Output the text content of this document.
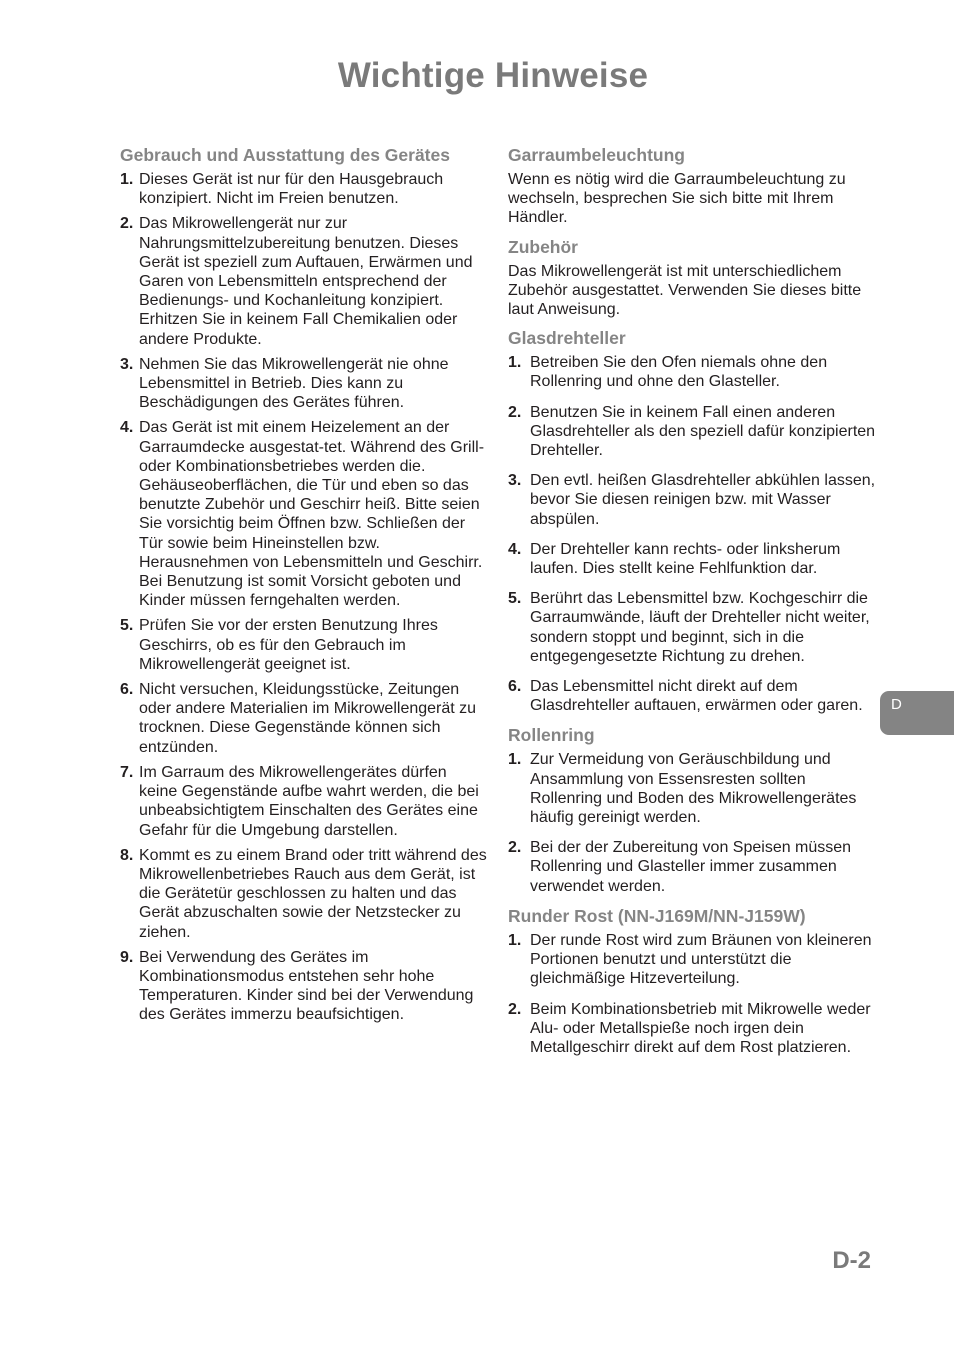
Wichtige Hinweise
Gebrauch und Ausstattung des Gerätes
1. Dieses Gerät ist nur für den Hausgebrauch konzipiert. Nicht im Freien benutzen.
2. Das Mikrowellengerät nur zur Nahrungsmittelzubereitung benutzen. Dieses Gerät ist speziell zum Auftauen, Erwärmen und Garen von Lebensmitteln entsprechend der Bedienungs- und Kochanleitung konzipiert. Erhitzen Sie in keinem Fall Chemikalien oder andere Produkte.
3. Nehmen Sie das Mikrowellengerät nie ohne Lebensmittel in Betrieb. Dies kann zu Beschädigungen des Gerätes führen.
4. Das Gerät ist mit einem Heizelement an der Garraumdecke ausgestat-tet. Während des Grill- oder Kombinationsbetriebes werden die. Gehäuseoberflächen, die Tür und eben so das benutzte Zubehör und Geschirr heiß. Bitte seien Sie vorsichtig beim Öffnen bzw. Schließen der Tür sowie beim Hineinstellen bzw. Herausnehmen von Lebensmitteln und Geschirr. Bei Benutzung ist somit Vorsicht geboten und Kinder müssen ferngehalten werden.
5. Prüfen Sie vor der ersten Benutzung Ihres Geschirrs, ob es für den Gebrauch im Mikrowellengerät geeignet ist.
6. Nicht versuchen, Kleidungsstücke, Zeitungen oder andere Materialien im Mikrowellengerät zu trocknen. Diese Gegenstände können sich entzünden.
7. Im Garraum des Mikrowellengerätes dürfen keine Gegenstände aufbe wahrt werden, die bei unbeabsichtigtem Einschalten des Gerätes eine Gefahr für die Umgebung darstellen.
8. Kommt es zu einem Brand oder tritt während des Mikrowellenbetriebes Rauch aus dem Gerät, ist die Gerätetür geschlossen zu halten und das Gerät abzuschalten sowie der Netzstecker zu ziehen.
9. Bei Verwendung des Gerätes im Kombinationsmodus entstehen sehr hohe Temperaturen. Kinder sind bei der Verwendung des Gerätes immerzu beaufsichtigen.
Garraumbeleuchtung

Wenn es nötig wird die Garraumbeleuchtung zu wechseln, besprechen Sie sich bitte mit Ihrem Händler.

Zubehör

Das Mikrowellengerät ist mit unterschiedlichem Zubehör ausgestattet. Verwenden Sie dieses bitte laut Anweisung.

Glasdrehteller
1. Betreiben Sie den Ofen niemals ohne den Rollenring und ohne den Glasteller.
2. Benutzen Sie in keinem Fall einen anderen Glasdrehteller als den speziell dafür konzipierten Drehteller.
3. Den evtl. heißen Glasdrehteller abkühlen lassen, bevor Sie diesen reinigen bzw. mit Wasser abspülen.
4. Der Drehteller kann rechts- oder linksherum laufen. Dies stellt keine Fehlfunktion dar.
5. Berührt das Lebensmittel bzw. Kochgeschirr die Garraumwände, läuft der Drehteller nicht weiter, sondern stoppt und beginnt, sich in die entgegengesetzte Richtung zu drehen.
6. Das Lebensmittel nicht direkt auf dem Glasdrehteller auftauen, erwärmen oder garen.
Rollenring
1. Zur Vermeidung von Geräuschbildung und Ansammlung von Essensresten sollten Rollenring und Boden des Mikrowellengerätes häufig gereinigt werden.
2. Bei der der Zubereitung von Speisen müssen Rollenring und Glasteller immer zusammen verwendet werden.
Runder Rost (NN-J169M/NN-J159W)
1. Der runde Rost wird zum Bräunen von kleineren Portionen benutzt und unterstützt die gleichmäßige Hitzeverteilung.
2. Beim Kombinationsbetrieb mit Mikrowelle weder Alu- oder Metallspieße noch irgen dein Metallgeschirr direkt auf dem Rost platzieren.
D
D-2
